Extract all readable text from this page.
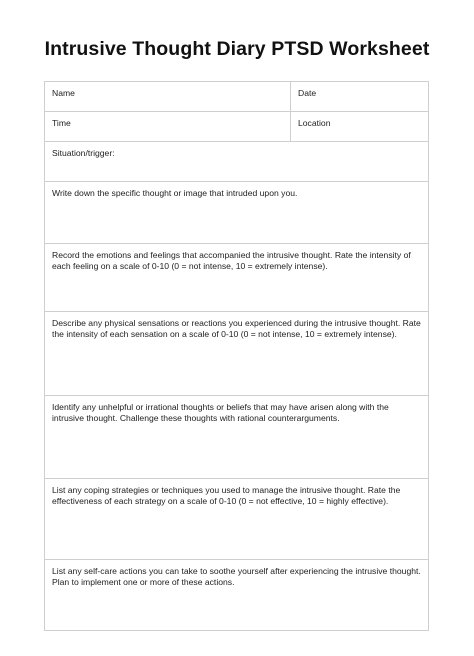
Intrusive Thought Diary PTSD Worksheet
Name	Date
Time	Location
Situation/trigger:
Write down the specific thought or image that intruded upon you.
Record the emotions and feelings that accompanied the intrusive thought. Rate the intensity of each feeling on a scale of 0-10 (0 = not intense, 10 = extremely intense).
Describe any physical sensations or reactions you experienced during the intrusive thought. Rate the intensity of each sensation on a scale of 0-10 (0 = not intense, 10 = extremely intense).
Identify any unhelpful or irrational thoughts or beliefs that may have arisen along with the intrusive thought. Challenge these thoughts with rational counterarguments.
List any coping strategies or techniques you used to manage the intrusive thought. Rate the effectiveness of each strategy on a scale of 0-10 (0 = not effective, 10 = highly effective).
List any self-care actions you can take to soothe yourself after experiencing the intrusive thought. Plan to implement one or more of these actions.
